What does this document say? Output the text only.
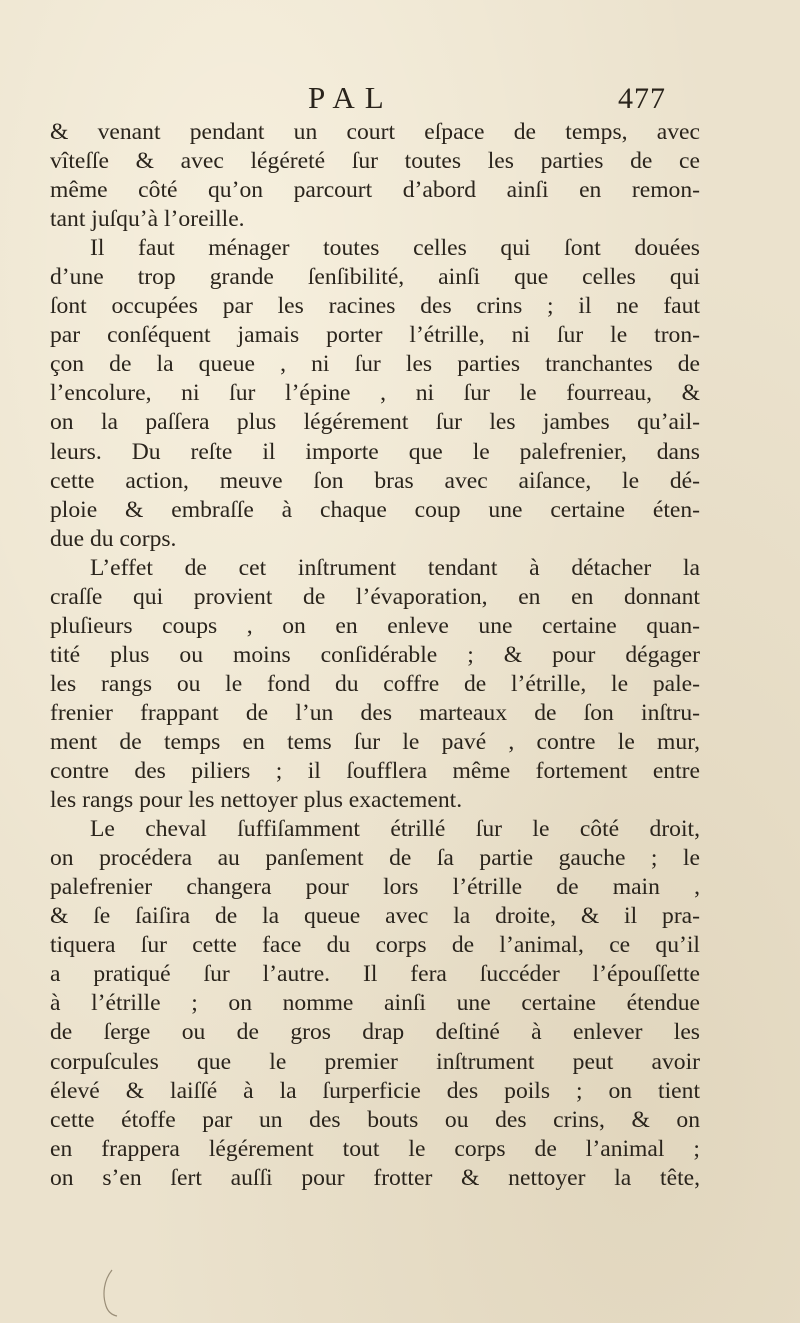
PAL	477
& venant pendant un court eſpace de temps, avec
vîteſſe & avec légéreté ſur toutes les parties de ce
même côté qu’on parcourt d’abord ainſi en remon-
tant juſqu’à l’oreille.
Il faut ménager toutes celles qui ſont douées
d’une trop grande ſenſibilité, ainſi que celles qui
ſont occupées par les racines des crins ; il ne faut
par conſéquent jamais porter l’étrille, ni ſur le tron-
çon de la queue , ni ſur les parties tranchantes de
l’encolure, ni ſur l’épine , ni ſur le fourreau, &
on la paſſera plus légérement ſur les jambes qu’ail-
leurs. Du reſte il importe que le palefrenier, dans
cette action, meuve ſon bras avec aiſance, le dé-
ploie & embraſſe à chaque coup une certaine éten-
due du corps.
L’effet de cet inſtrument tendant à détacher la
craſſe qui provient de l’évaporation, en en donnant
pluſieurs coups , on en enleve une certaine quan-
tité plus ou moins conſidérable ; & pour dégager
les rangs ou le fond du coffre de l’étrille, le pale-
frenier frappant de l’un des marteaux de ſon inſtru-
ment de temps en tems ſur le pavé , contre le mur,
contre des piliers ; il ſoufflera même fortement entre
les rangs pour les nettoyer plus exactement.
Le cheval ſuffiſamment étrillé ſur le côté droit,
on procédera au panſement de ſa partie gauche ; le
palefrenier changera pour lors l’étrille de main ,
& ſe ſaiſira de la queue avec la droite, & il pra-
tiquera ſur cette face du corps de l’animal, ce qu’il
a pratiqué ſur l’autre. Il fera ſuccéder l’épouſſette
à l’étrille ; on nomme ainſi une certaine étendue
de ſerge ou de gros drap deſtiné à enlever les
corpuſcules que le premier inſtrument peut avoir
élevé & laiſſé à la ſurperficie des poils ; on tient
cette étoffe par un des bouts ou des crins, & on
en frappera légérement tout le corps de l’animal ;
on s’en ſert auſſi pour frotter & nettoyer la tête,
